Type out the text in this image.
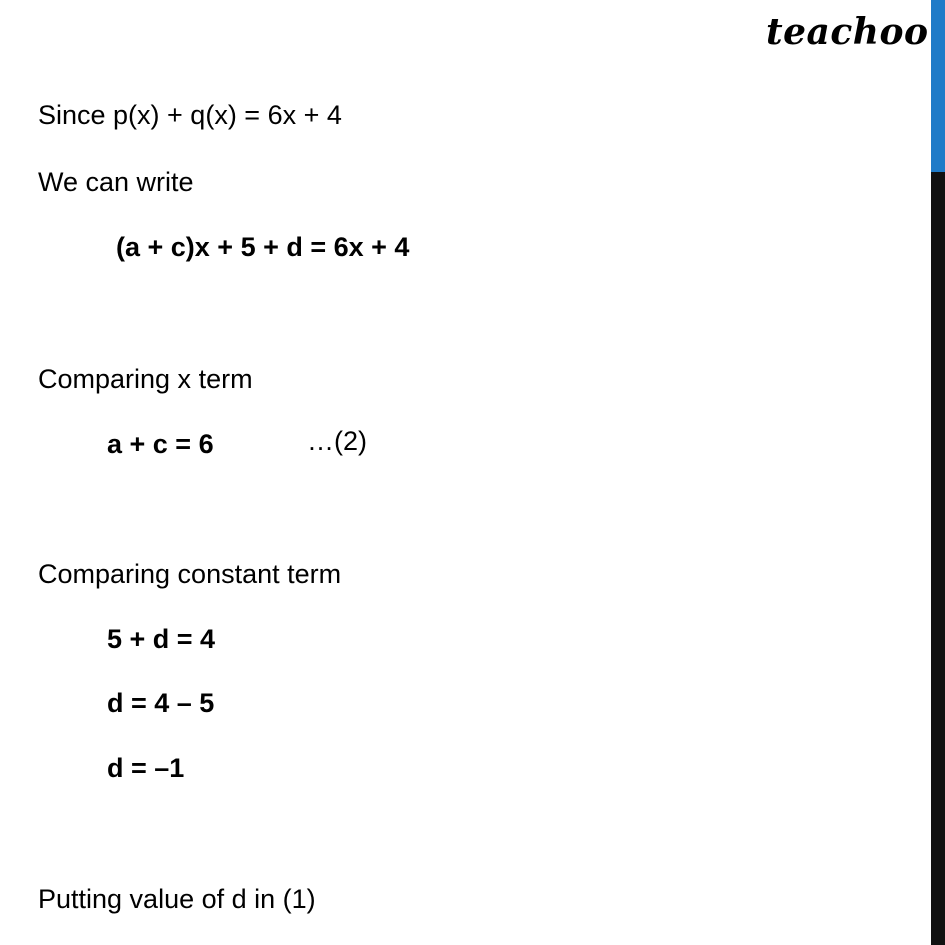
teachoo
Since p(x) + q(x) = 6x + 4
We can write
(a + c)x + 5 + d = 6x + 4
Comparing x term
a + c = 6	…(2)
Comparing constant term
5 + d = 4
d = 4 – 5
d = –1
Putting value of d in (1)
